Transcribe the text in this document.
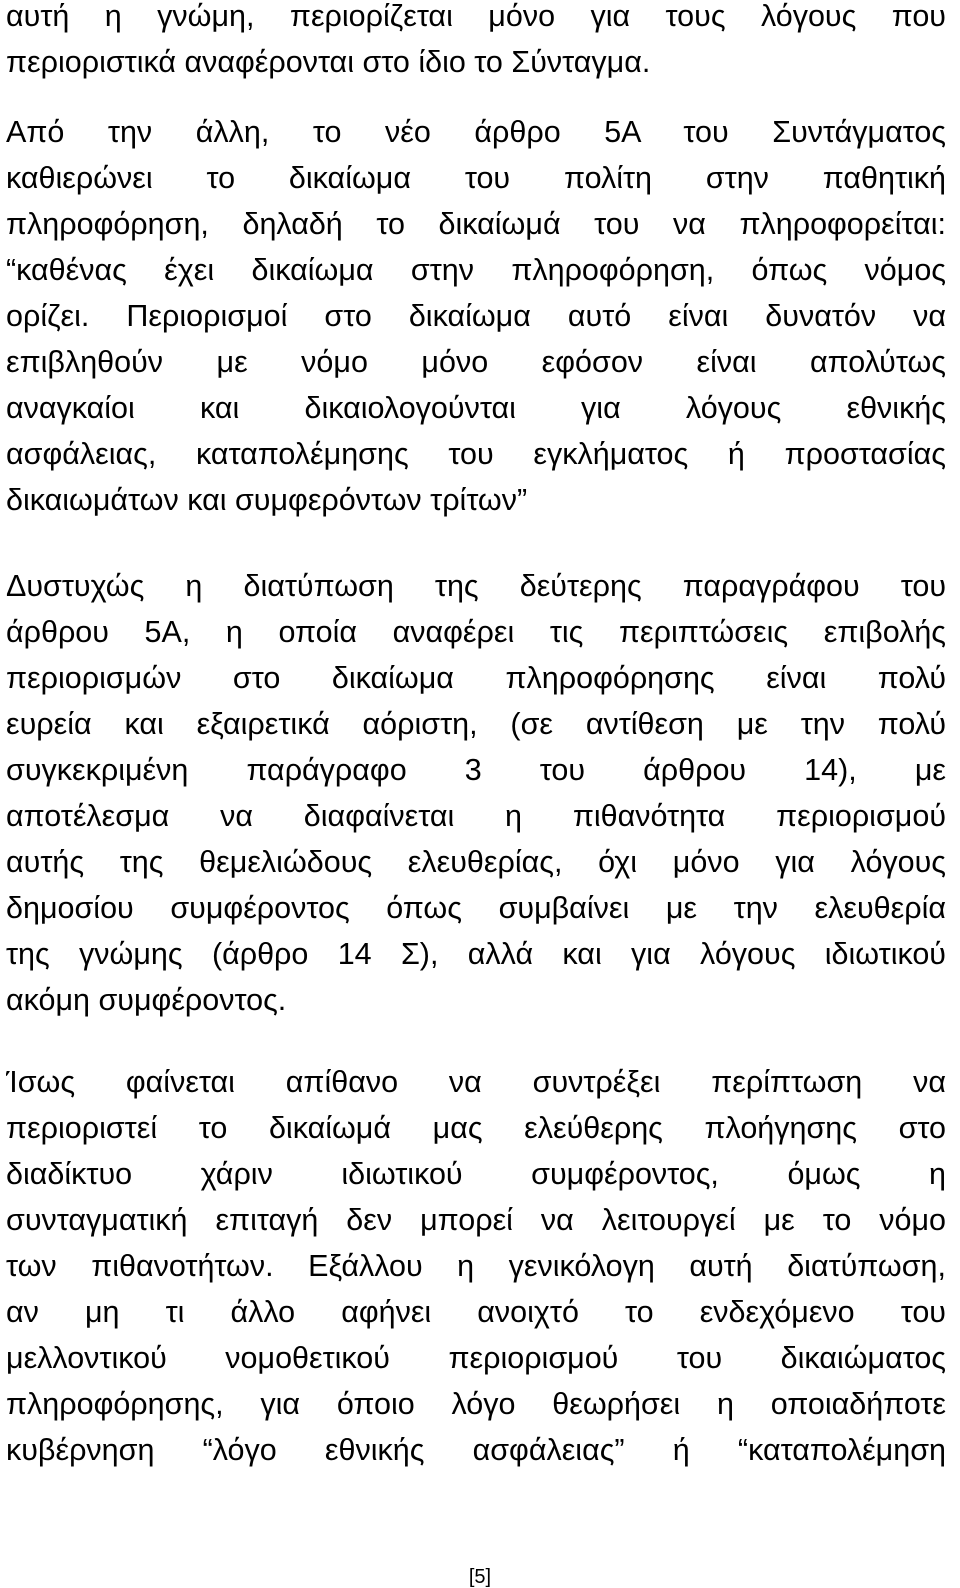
αυτή η γνώμη, περιορίζεται μόνο για τους λόγους που
περιοριστικά αναφέρονται στο ίδιο το Σύνταγμα.
Από την άλλη, το νέο άρθρο 5Α του Συντάγματος
καθιερώνει το δικαίωμα του πολίτη στην παθητική
πληροφόρηση, δηλαδή το δικαίωμά του να πληροφορείται:
“καθένας έχει δικαίωμα στην πληροφόρηση, όπως νόμος
ορίζει. Περιορισμοί στο δικαίωμα αυτό είναι δυνατόν να
επιβληθούν με νόμο μόνο εφόσον είναι απολύτως
αναγκαίοι και δικαιολογούνται για λόγους εθνικής
ασφάλειας, καταπολέμησης του εγκλήματος ή προστασίας
δικαιωμάτων και συμφερόντων τρίτων”
Δυστυχώς η διατύπωση της δεύτερης παραγράφου του
άρθρου 5Α, η οποία αναφέρει τις περιπτώσεις επιβολής
περιορισμών στο δικαίωμα πληροφόρησης είναι πολύ
ευρεία και εξαιρετικά αόριστη, (σε αντίθεση με την πολύ
συγκεκριμένη παράγραφο 3 του άρθρου 14), με
αποτέλεσμα να διαφαίνεται η πιθανότητα περιορισμού
αυτής της θεμελιώδους ελευθερίας, όχι μόνο για λόγους
δημοσίου συμφέροντος όπως συμβαίνει με την ελευθερία
της γνώμης (άρθρο 14 Σ), αλλά και για λόγους ιδιωτικού
ακόμη συμφέροντος.
Ίσως φαίνεται απίθανο να συντρέξει περίπτωση να
περιοριστεί το δικαίωμά μας ελεύθερης πλοήγησης στο
διαδίκτυο χάριν ιδιωτικού συμφέροντος, όμως η
συνταγματική επιταγή δεν μπορεί να λειτουργεί με το νόμο
των πιθανοτήτων. Εξάλλου η γενικόλογη αυτή διατύπωση,
αν μη τι άλλο αφήνει ανοιχτό το ενδεχόμενο του
μελλοντικού νομοθετικού περιορισμού του δικαιώματος
πληροφόρησης, για όποιο λόγο θεωρήσει η οποιαδήποτε
κυβέρνηση “λόγο εθνικής ασφάλειας” ή “καταπολέμηση
[5]
